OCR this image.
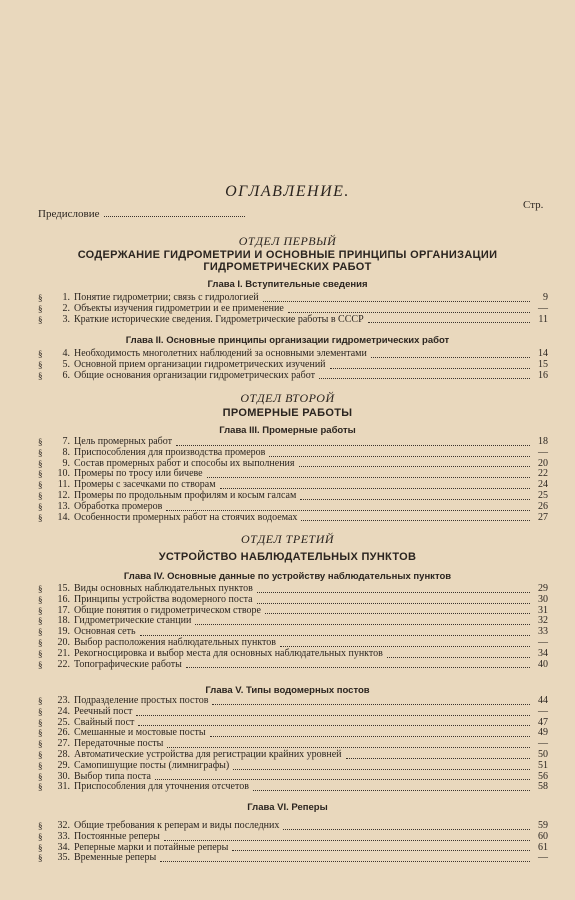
ОГЛАВЛЕНИЕ.
Стр.
Предисловие
ОТДЕЛ ПЕРВЫЙ
СОДЕРЖАНИЕ ГИДРОМЕТРИИ И ОСНОВНЫЕ ПРИНЦИПЫ ОРГАНИЗАЦИИ
ГИДРОМЕТРИЧЕСКИХ РАБОТ
Глава I. Вступительные сведения
§	1. Понятие гидрометрии; связь с гидрологией	9
§	2. Объекты изучения гидрометрии и ее применение	—
§	3. Краткие исторические сведения. Гидрометрические работы в СССР	11
Глава II. Основные принципы организации гидрометрических работ
§	4. Необходимость многолетних наблюдений за основными элементами	14
§	5. Основной прием организации гидрометрических изучений	15
§	6. Общие основания организации гидрометрических работ	16
ОТДЕЛ ВТОРОЙ
ПРОМЕРНЫЕ РАБОТЫ
Глава III. Промерные работы
§	7. Цель промерных работ	18
§	8. Приспособления для производства промеров	—
§	9. Состав промерных работ и способы их выполнения	20
§	10. Промеры по тросу или бичеве	22
§	11. Промеры с засечками по створам	24
§	12. Промеры по продольным профилям и косым галсам	25
§	13. Обработка промеров	26
§	14. Особенности промерных работ на стоячих водоемах	27
ОТДЕЛ ТРЕТИЙ
УСТРОЙСТВО НАБЛЮДАТЕЛЬНЫХ ПУНКТОВ
Глава IV. Основные данные по устройству наблюдательных пунктов
§	15. Виды основных наблюдательных пунктов	29
§	16. Принципы устройства водомерного поста	30
§	17. Общие понятия о гидрометрическом створе	31
§	18. Гидрометрические станции	32
§	19. Основная сеть	33
§	20. Выбор расположения наблюдательных пунктов	—
§	21. Рекогносцировка и выбор места для основных наблюдательных пунктов	34
§	22. Топографические работы	40
Глава V. Типы водомерных постов
§	23. Подразделение простых постов	44
§	24. Реечный пост	—
§	25. Свайный пост	47
§	26. Смешанные и мостовые посты	49
§	27. Передаточные посты	—
§	28. Автоматические устройства для регистрации крайних уровней	50
§	29. Самопишущие посты (лимниграфы)	51
§	30. Выбор типа поста	56
§	31. Приспособления для уточнения отсчетов	58
Глава VI. Реперы
§	32. Общие требования к реперам и виды последних	59
§	33. Постоянные реперы	60
§	34. Реперные марки и потайные реперы	61
§	35. Временные реперы	—
